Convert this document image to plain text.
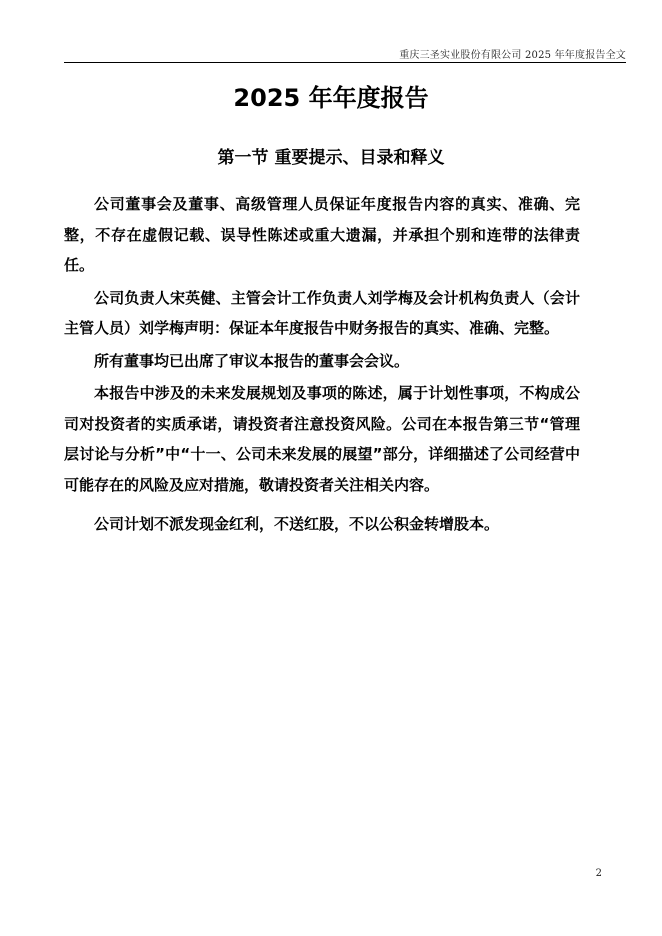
重庆三圣实业股份有限公司 2025 年年度报告全文
2025 年年度报告
第一节 重要提示、目录和释义

公司董事会及董事、高级管理人员保证年度报告内容的真实、准确、完整，不存在虚假记载、误导性陈述或重大遗漏，并承担个别和连带的法律责任。

公司负责人宋英健、主管会计工作负责人刘学梅及会计机构负责人（会计主管人员）刘学梅声明：保证本年度报告中财务报告的真实、准确、完整。

所有董事均已出席了审议本报告的董事会会议。

本报告中涉及的未来发展规划及事项的陈述，属于计划性事项，不构成公司对投资者的实质承诺，请投资者注意投资风险。公司在本报告第三节“管理层讨论与分析”中“十一、公司未来发展的展望”部分，详细描述了公司经营中可能存在的风险及应对措施，敬请投资者关注相关内容。

公司计划不派发现金红利，不送红股，不以公积金转增股本。

2
